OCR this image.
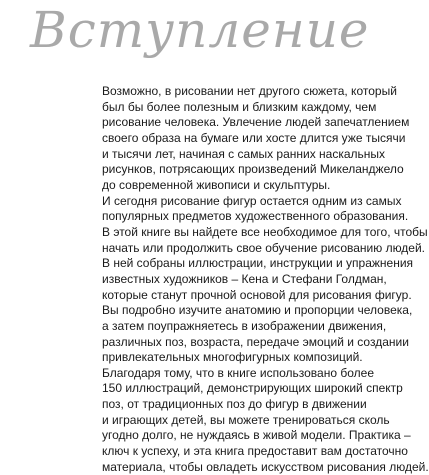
Вступление
Возможно, в рисовании нет другого сюжета, который
был бы более полезным и близким каждому, чем
рисование человека. Увлечение людей запечатлением
своего образа на бумаге или хосте длится уже тысячи
и тысячи лет, начиная с самых ранних наскальных
рисунков, потрясающих произведений Микеланджело
до современной живописи и скульптуры.
И сегодня рисование фигур остается одним из самых
популярных предметов художественного образования.
В этой книге вы найдете все необходимое для того, чтобы
начать или продолжить свое обучение рисованию людей.
В ней собраны иллюстрации, инструкции и упражнения
известных художников – Кена и Стефани Голдман,
которые станут прочной основой для рисования фигур.
Вы подробно изучите анатомию и пропорции человека,
а затем поупражняетесь в изображении движения,
различных поз, возраста, передаче эмоций и создании
привлекательных многофигурных композиций.
Благодаря тому, что в книге использовано более
150 иллюстраций, демонстрирующих широкий спектр
поз, от традиционных поз до фигур в движении
и играющих детей, вы можете тренироваться сколь
угодно долго, не нуждаясь в живой модели. Практика –
ключ к успеху, и эта книга предоставит вам достаточно
материала, чтобы овладеть искусством рисования людей.
